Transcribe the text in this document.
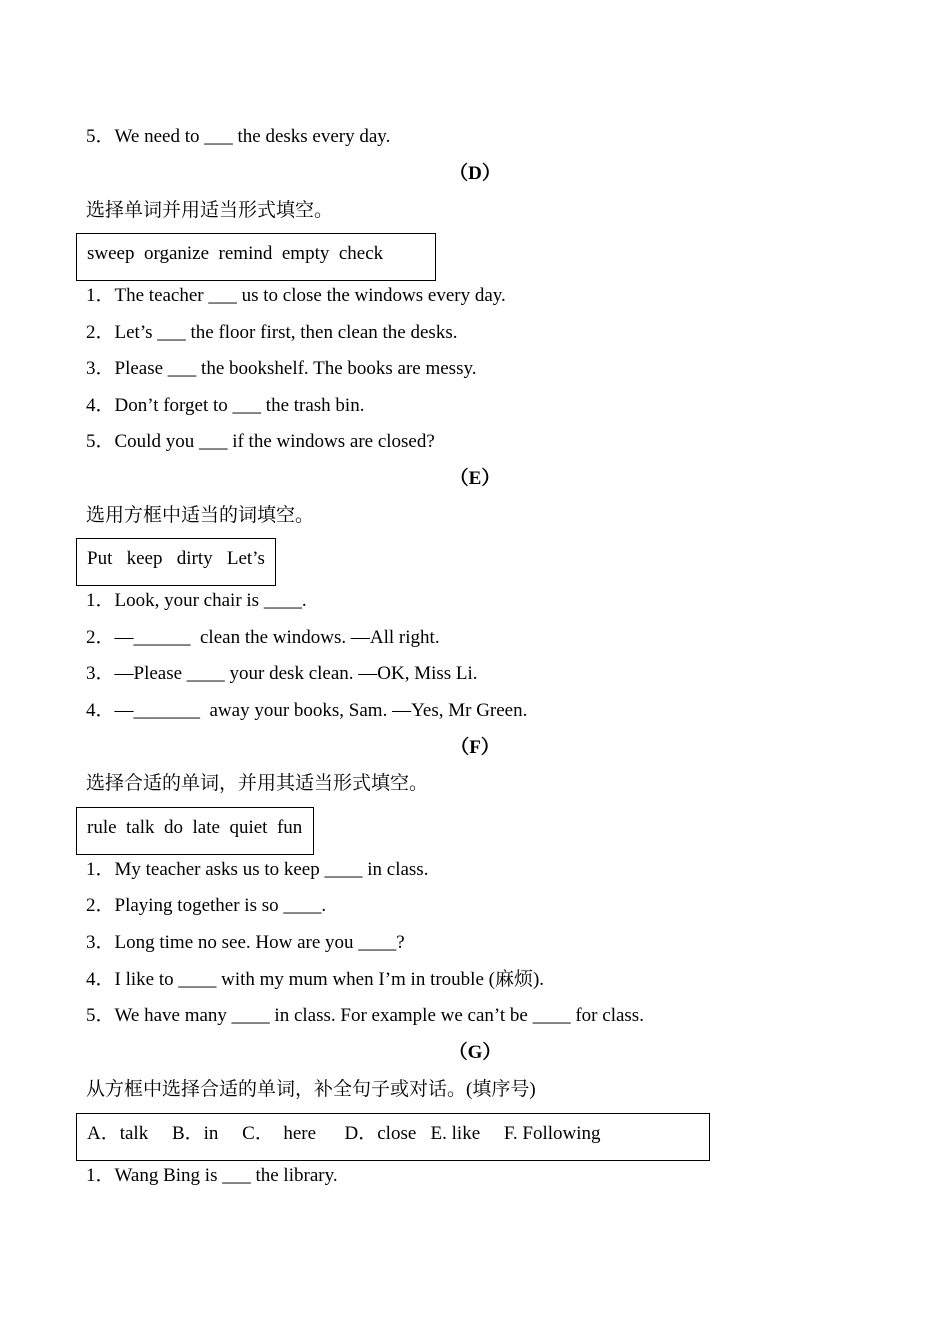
5．We need to ___ the desks every day.
（D）
选择单词并用适当形式填空。
sweep  organize  remind  empty  check
1．The teacher ___ us to close the windows every day.
2．Let’s ___ the floor first, then clean the desks.
3．Please ___ the bookshelf. The books are messy.
4．Don’t forget to ___ the trash bin.
5．Could you ___ if the windows are closed?
（E）
选用方框中适当的词填空。
Put   keep   dirty   Let’s
1．Look, your chair is ____.
2．—______  clean the windows. —All right.
3．—Please ____ your desk clean. —OK, Miss Li.
4．—_______  away your books, Sam. —Yes, Mr Green.
（F）
选择合适的单词，并用其适当形式填空。
rule  talk  do  late  quiet  fun
1．My teacher asks us to keep ____ in class.
2．Playing together is so ____.
3．Long time no see. How are you ____?
4．I like to ____ with my mum when I’m in trouble (麻烦).
5．We have many ____ in class. For example we can’t be ____ for class.
（G）
从方框中选择合适的单词，补全句子或对话。(填序号)
A．talk     B．in     C．  here      D．close   E. like     F. Following
1．Wang Bing is ___ the library.
